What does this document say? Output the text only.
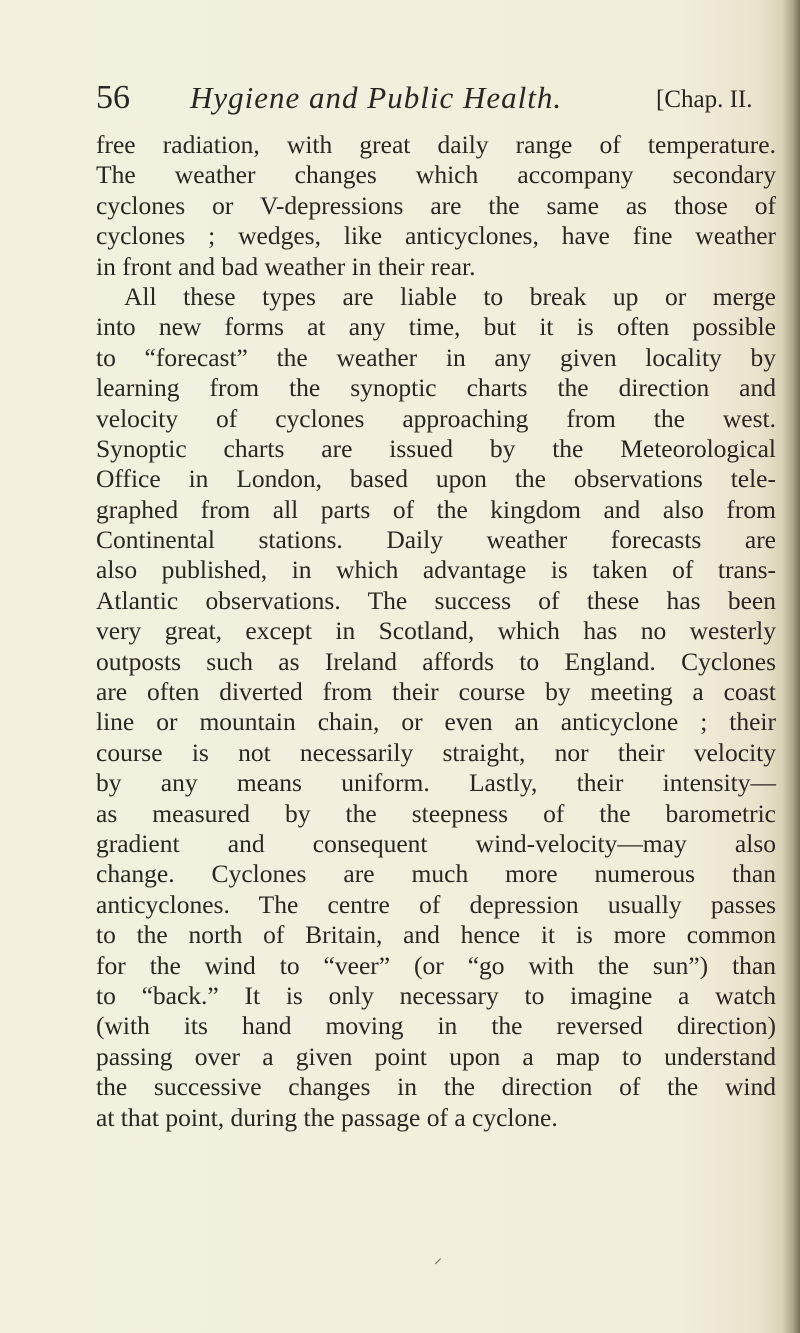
56 Hygiene and Public Health.	[Chap. II.
free radiation, with great daily range of temperature.
The weather changes which accompany secondary
cyclones or V-depressions are the same as those of
cyclones ; wedges, like anticyclones, have fine weather
in front and bad weather in their rear.
All these types are liable to break up or merge
into new forms at any time, but it is often possible
to “forecast” the weather in any given locality by
learning from the synoptic charts the direction and
velocity of cyclones approaching from the west.
Synoptic charts are issued by the Meteorological
Office in London, based upon the observations tele-
graphed from all parts of the kingdom and also from
Continental stations. Daily weather forecasts are
also published, in which advantage is taken of trans-
Atlantic observations. The success of these has been
very great, except in Scotland, which has no westerly
outposts such as Ireland affords to England. Cyclones
are often diverted from their course by meeting a coast
line or mountain chain, or even an anticyclone ; their
course is not necessarily straight, nor their velocity
by any means uniform. Lastly, their intensity—
as measured by the steepness of the barometric
gradient and consequent wind-velocity—may also
change. Cyclones are much more numerous than
anticyclones. The centre of depression usually passes
to the north of Britain, and hence it is more common
for the wind to “veer” (or “go with the sun”) than
to “back.” It is only necessary to imagine a watch
(with its hand moving in the reversed direction)
passing over a given point upon a map to understand
the successive changes in the direction of the wind
at that point, during the passage of a cyclone.
⸝
